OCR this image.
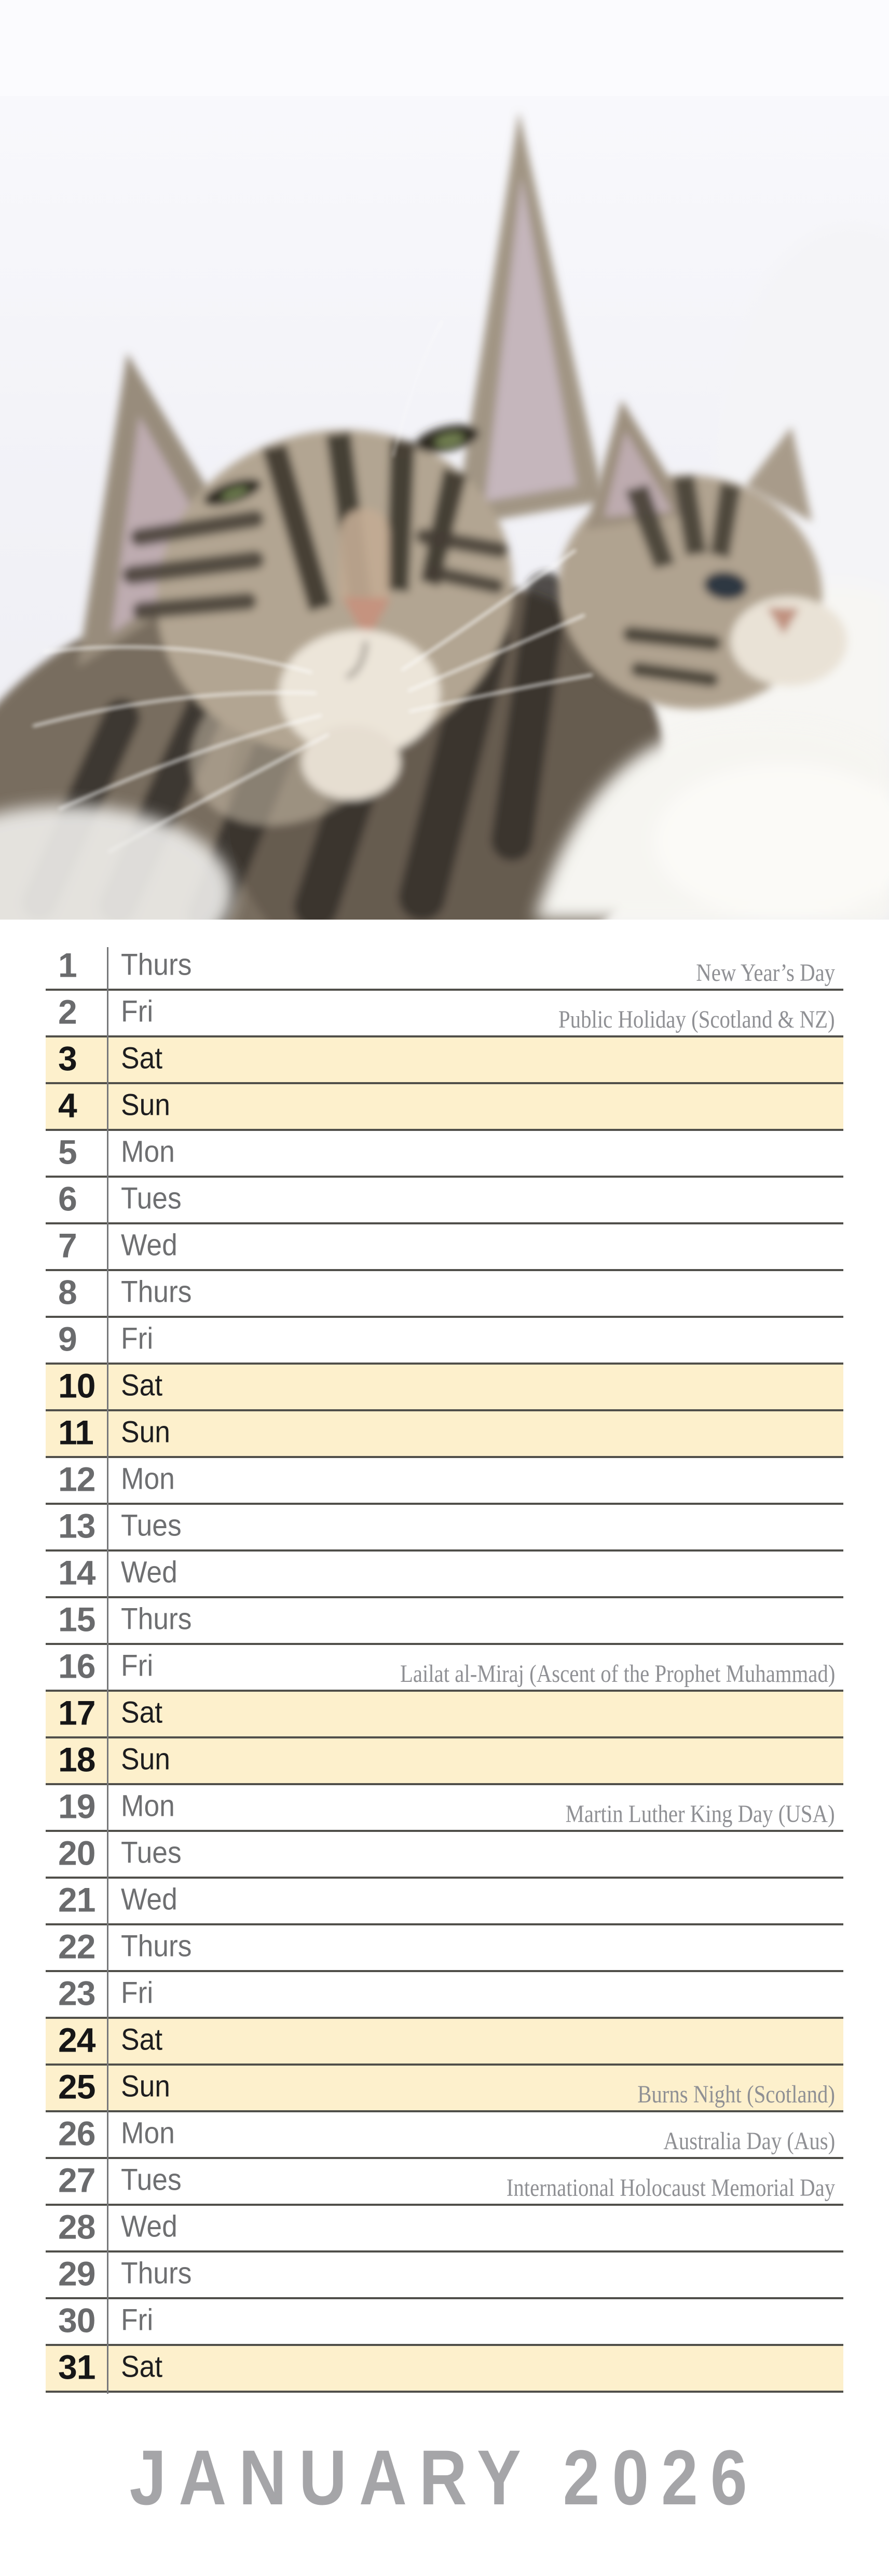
1 Thurs	New Year’s Day
2 Fri	Public Holiday (Scotland & NZ)
3 Sat
4 Sun
5 Mon
6 Tues
7 Wed
8 Thurs
9 Fri
10 Sat
11 Sun
12 Mon
13 Tues
14 Wed
15 Thurs
16 Fri	Lailat al-Miraj (Ascent of the Prophet Muhammad)
17 Sat
18 Sun
19 Mon	Martin Luther King Day (USA)
20 Tues
21 Wed
22 Thurs
23 Fri
24 Sat
25 Sun	Burns Night (Scotland)
26 Mon	Australia Day (Aus)
27 Tues	International Holocaust Memorial Day
28 Wed
29 Thurs
30 Fri
31 Sat
JANUARY 2026
